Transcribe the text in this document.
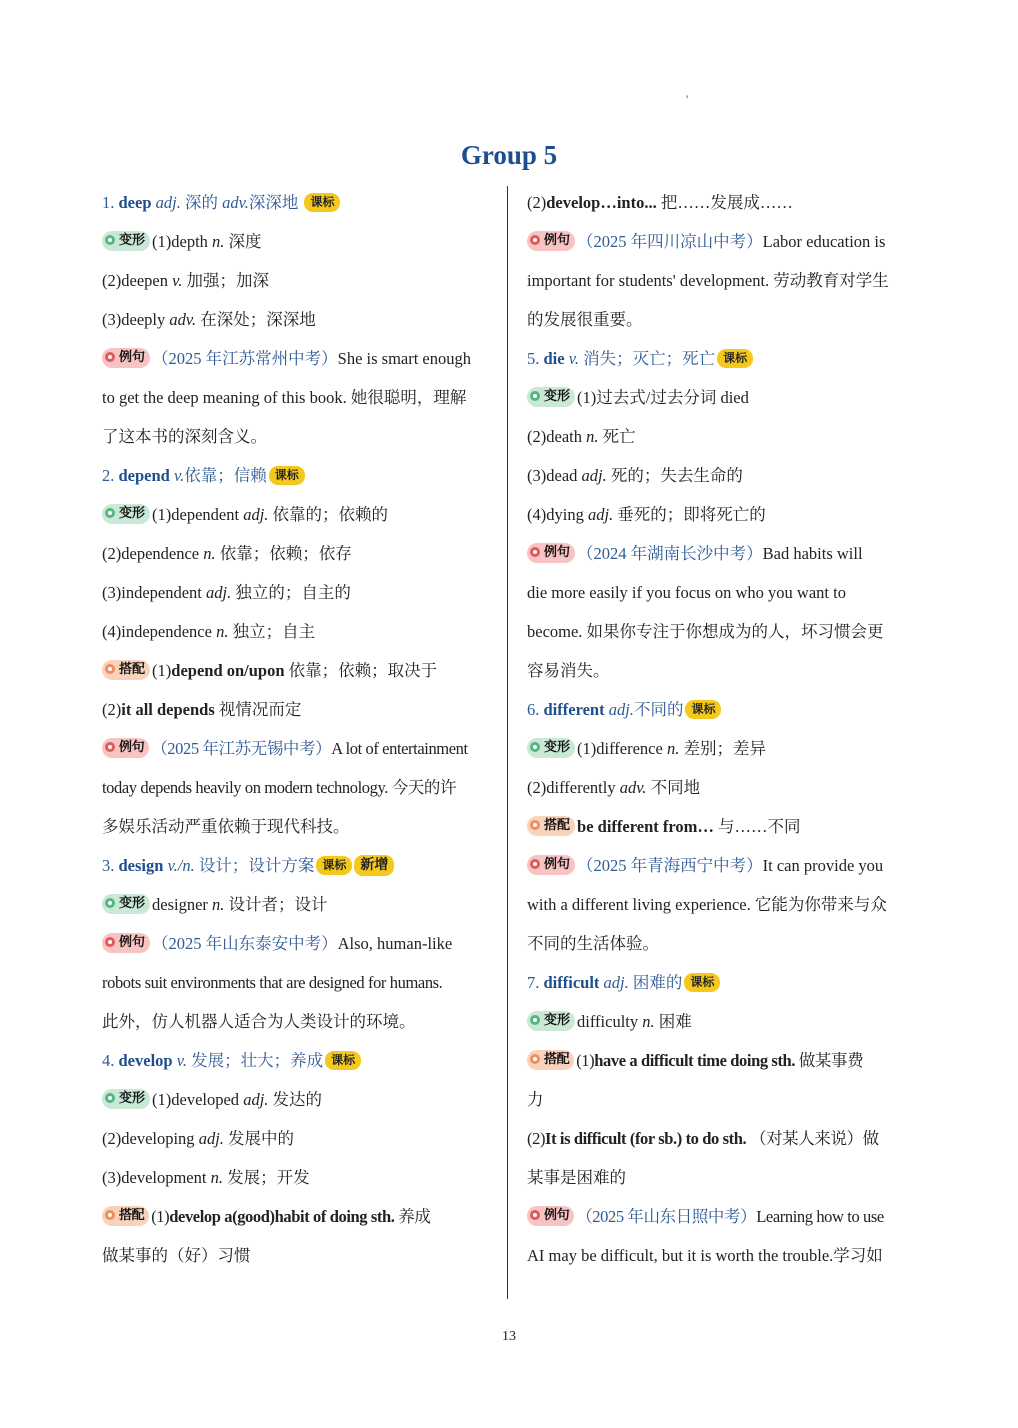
'
Group 5
1. deep adj. 深的 adv.深深地 课标
变形 (1)depth n. 深度
(2)deepen v. 加强；加深
(3)deeply adv. 在深处；深深地
例句 （2025 年江苏常州中考）She is smart enough
to get the deep meaning of this book. 她很聪明，理解
了这本书的深刻含义。
2. depend v.依靠；信赖 课标
变形 (1)dependent adj. 依靠的；依赖的
(2)dependence n. 依靠；依赖；依存
(3)independent adj. 独立的；自主的
(4)independence n. 独立；自主
搭配 (1)depend on/upon 依靠；依赖；取决于
(2)it all depends 视情况而定
例句 （2025 年江苏无锡中考）A lot of entertainment
today depends heavily on modern technology. 今天的许
多娱乐活动严重依赖于现代科技。
3. design v./n. 设计；设计方案 课标 新增
变形 designer n. 设计者；设计
例句 （2025 年山东泰安中考）Also, human-like
robots suit environments that are designed for humans.
此外，仿人机器人适合为人类设计的环境。
4. develop v. 发展；壮大；养成 课标
变形 (1)developed adj. 发达的
(2)developing adj. 发展中的
(3)development n. 发展；开发
搭配 (1)develop a(good)habit of doing sth. 养成
做某事的（好）习惯
(2)develop…into... 把……发展成……
例句 （2025 年四川凉山中考）Labor education is
important for students' development. 劳动教育对学生
的发展很重要。
5. die v. 消失；灭亡；死亡 课标
变形 (1)过去式/过去分词 died
(2)death n. 死亡
(3)dead adj. 死的；失去生命的
(4)dying adj. 垂死的；即将死亡的
例句 （2024 年湖南长沙中考）Bad habits will
die more easily if you focus on who you want to
become. 如果你专注于你想成为的人，坏习惯会更
容易消失。
6. different adj.不同的 课标
变形 (1)difference n. 差别；差异
(2)differently adv. 不同地
搭配 be different from… 与……不同
例句 （2025 年青海西宁中考）It can provide you
with a different living experience. 它能为你带来与众
不同的生活体验。
7. difficult adj. 困难的 课标
变形 difficulty n. 困难
搭配 (1)have a difficult time doing sth. 做某事费
力
(2)It is difficult (for sb.) to do sth. （对某人来说）做
某事是困难的
例句 （2025 年山东日照中考）Learning how to use
AI may be difficult, but it is worth the trouble.学习如
13
